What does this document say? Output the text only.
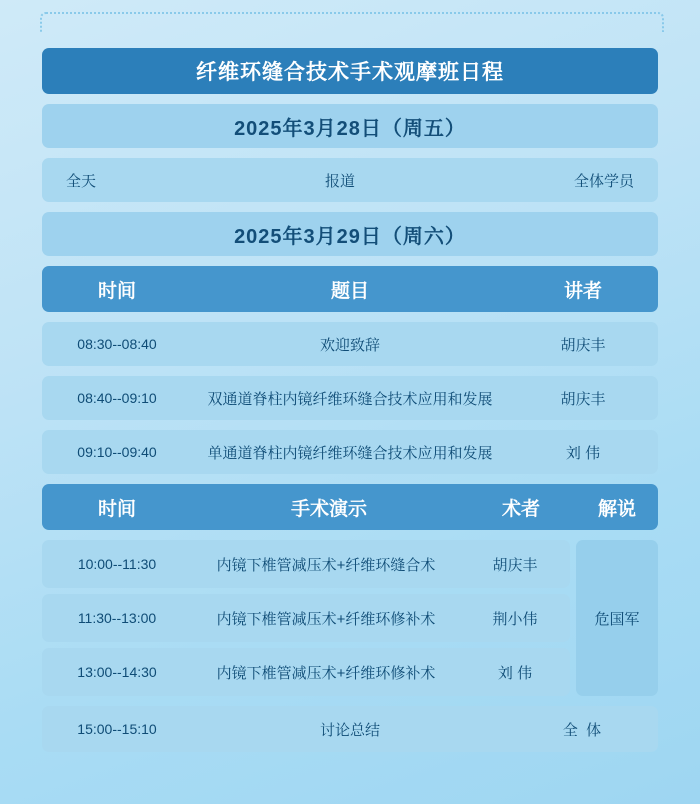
纤维环缝合技术手术观摩班日程
2025年3月28日（周五）
全天	报道	全体学员
2025年3月29日（周六）
时间	题目	讲者
08:30--08:40	欢迎致辞	胡庆丰
08:40--09:10	双通道脊柱内镜纤维环缝合技术应用和发展	胡庆丰
09:10--09:40	单通道脊柱内镜纤维环缝合技术应用和发展	刘 伟
时间	手术演示	术者	解说
10:00--11:30	内镜下椎管减压术+纤维环缝合术	胡庆丰
11:30--13:00	内镜下椎管减压术+纤维环修补术	荆小伟
13:00--14:30	内镜下椎管减压术+纤维环修补术	刘 伟
危国军
15:00--15:10	讨论总结	全 体
